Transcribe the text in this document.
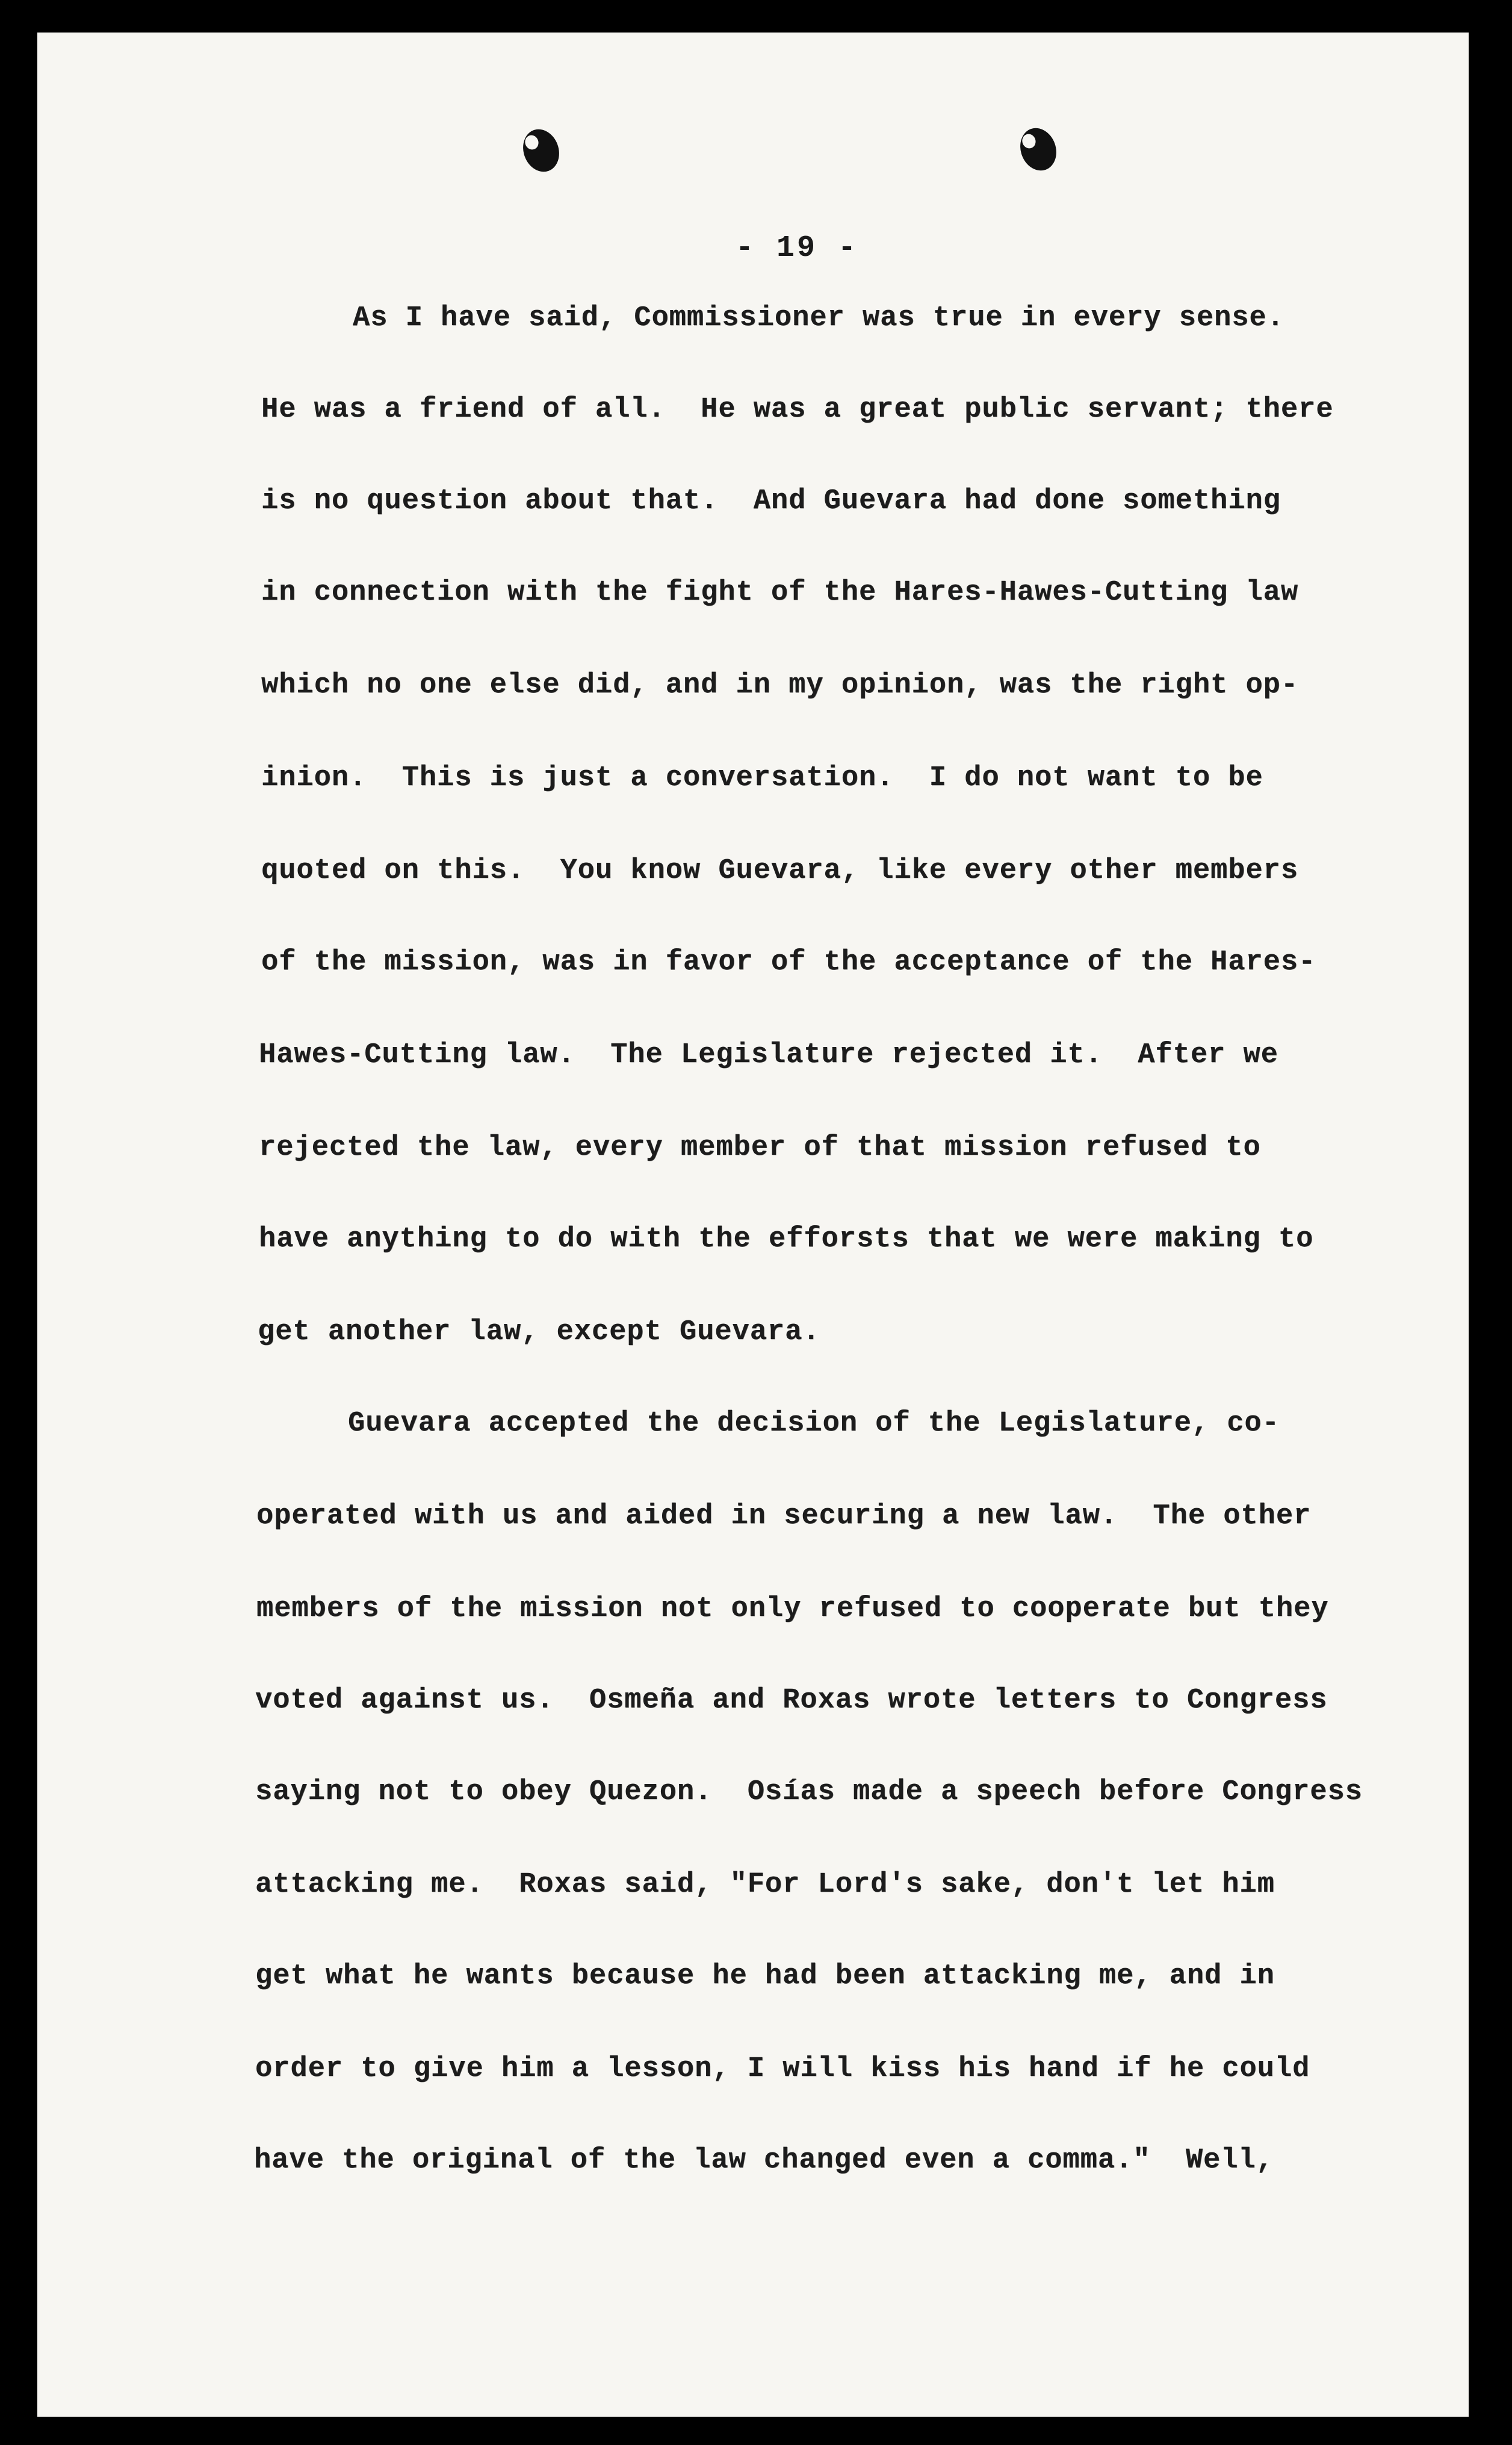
- 19 -
As I have said, Commissioner was true in every sense.
He was a friend of all.  He was a great public servant; there
is no question about that.  And Guevara had done something
in connection with the fight of the Hares-Hawes-Cutting law
which no one else did, and in my opinion, was the right op-
inion.  This is just a conversation.  I do not want to be
quoted on this.  You know Guevara, like every other members
of the mission, was in favor of the acceptance of the Hares-
Hawes-Cutting law.  The Legislature rejected it.  After we
rejected the law, every member of that mission refused to
have anything to do with the efforsts that we were making to
get another law, except Guevara.
Guevara accepted the decision of the Legislature, co-
operated with us and aided in securing a new law.  The other
members of the mission not only refused to cooperate but they
voted against us.  Osmeña and Roxas wrote letters to Congress
saying not to obey Quezon.  Osías made a speech before Congress
attacking me.  Roxas said, "For Lord's sake, don't let him
get what he wants because he had been attacking me, and in
order to give him a lesson, I will kiss his hand if he could
have the original of the law changed even a comma."  Well,
